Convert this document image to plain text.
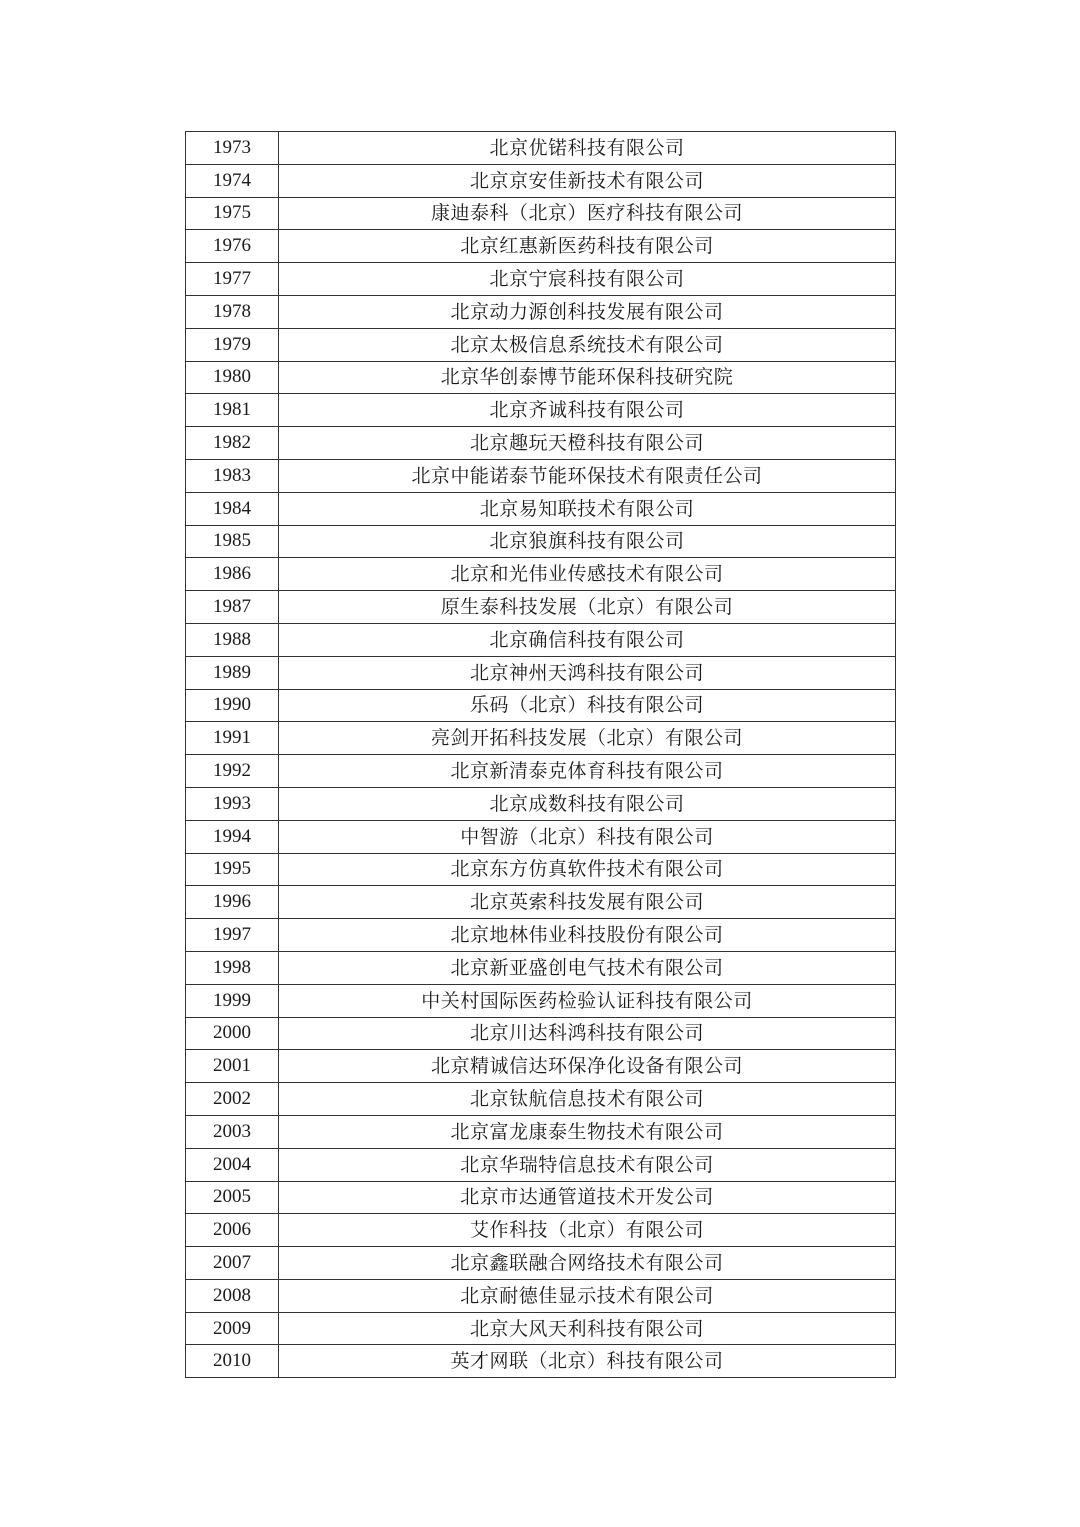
1973	北京优锘科技有限公司
1974	北京京安佳新技术有限公司
1975	康迪泰科（北京）医疗科技有限公司
1976	北京红惠新医药科技有限公司
1977	北京宁宸科技有限公司
1978	北京动力源创科技发展有限公司
1979	北京太极信息系统技术有限公司
1980	北京华创泰博节能环保科技研究院
1981	北京齐诚科技有限公司
1982	北京趣玩天橙科技有限公司
1983	北京中能诺泰节能环保技术有限责任公司
1984	北京易知联技术有限公司
1985	北京狼旗科技有限公司
1986	北京和光伟业传感技术有限公司
1987	原生泰科技发展（北京）有限公司
1988	北京确信科技有限公司
1989	北京神州天鸿科技有限公司
1990	乐码（北京）科技有限公司
1991	亮剑开拓科技发展（北京）有限公司
1992	北京新清泰克体育科技有限公司
1993	北京成数科技有限公司
1994	中智游（北京）科技有限公司
1995	北京东方仿真软件技术有限公司
1996	北京英索科技发展有限公司
1997	北京地林伟业科技股份有限公司
1998	北京新亚盛创电气技术有限公司
1999	中关村国际医药检验认证科技有限公司
2000	北京川达科鸿科技有限公司
2001	北京精诚信达环保净化设备有限公司
2002	北京钛航信息技术有限公司
2003	北京富龙康泰生物技术有限公司
2004	北京华瑞特信息技术有限公司
2005	北京市达通管道技术开发公司
2006	艾作科技（北京）有限公司
2007	北京鑫联融合网络技术有限公司
2008	北京耐德佳显示技术有限公司
2009	北京大风天利科技有限公司
2010	英才网联（北京）科技有限公司
